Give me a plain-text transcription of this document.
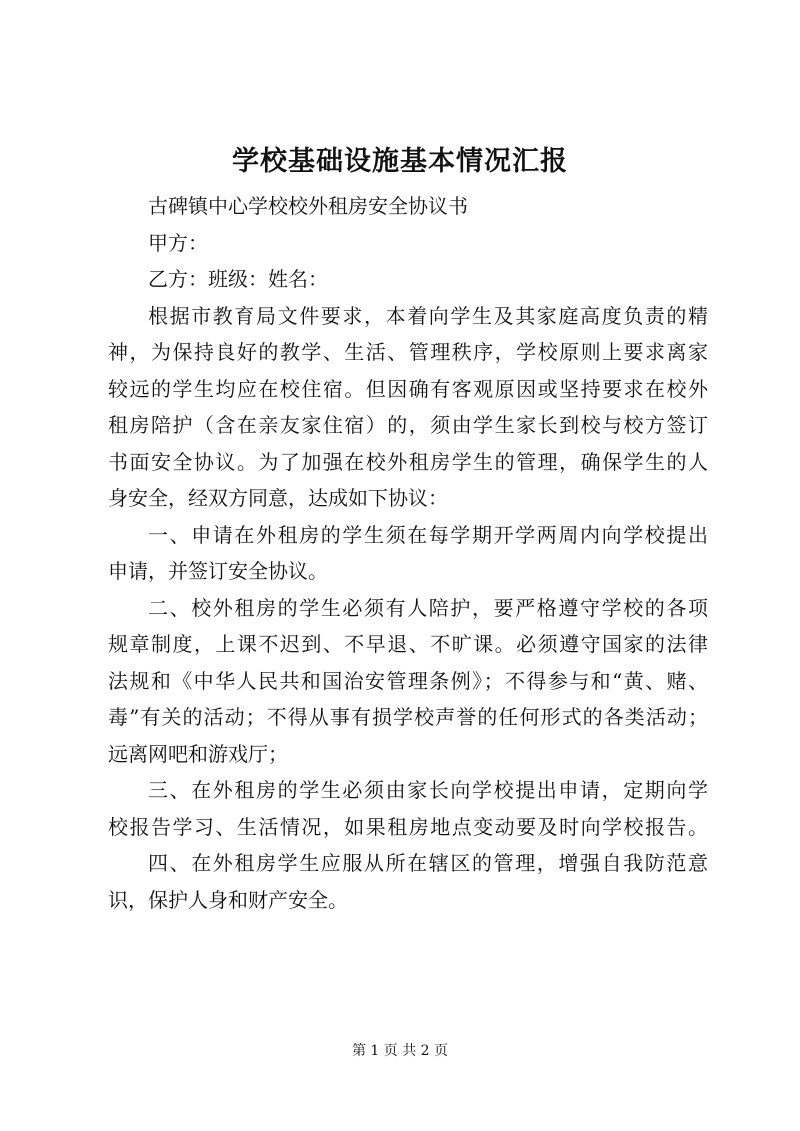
学校基础设施基本情况汇报
古碑镇中心学校校外租房安全协议书
甲方：
乙方：班级：姓名：
根据市教育局文件要求，本着向学生及其家庭高度负责的精
神，为保持良好的教学、生活、管理秩序，学校原则上要求离家
较远的学生均应在校住宿。但因确有客观原因或坚持要求在校外
租房陪护（含在亲友家住宿）的，须由学生家长到校与校方签订
书面安全协议。为了加强在校外租房学生的管理，确保学生的人
身安全，经双方同意，达成如下协议：
一、申请在外租房的学生须在每学期开学两周内向学校提出
申请，并签订安全协议。
二、校外租房的学生必须有人陪护，要严格遵守学校的各项
规章制度，上课不迟到、不早退、不旷课。必须遵守国家的法律
法规和《中华人民共和国治安管理条例》；不得参与和“黄、赌、
毒”有关的活动；不得从事有损学校声誉的任何形式的各类活动；
远离网吧和游戏厅；
三、在外租房的学生必须由家长向学校提出申请，定期向学
校报告学习、生活情况，如果租房地点变动要及时向学校报告。
四、在外租房学生应服从所在辖区的管理，增强自我防范意
识，保护人身和财产安全。
第 1 页 共 2 页
